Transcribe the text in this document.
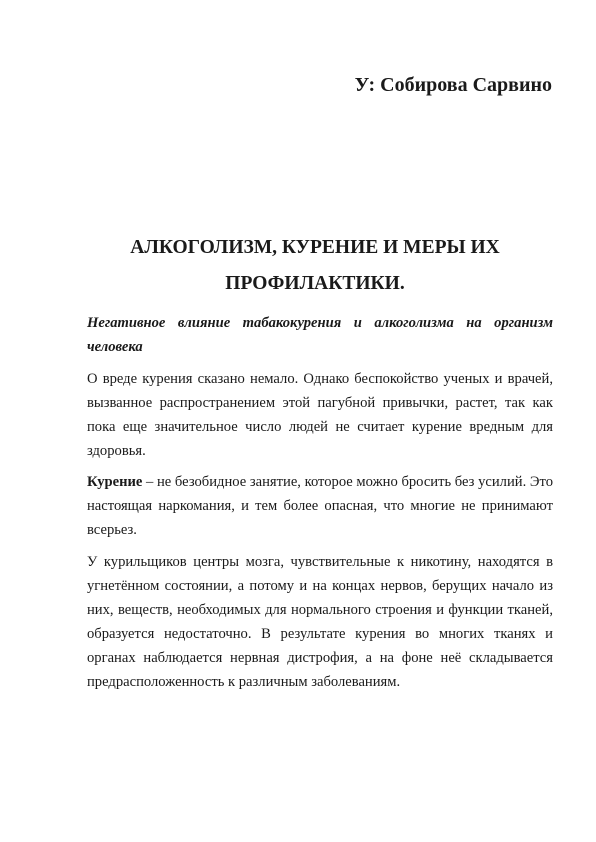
У: Собирова Сарвино
АЛКОГОЛИЗМ, КУРЕНИЕ И МЕРЫ ИХ ПРОФИЛАКТИКИ.

Негативное влияние табакокурения и алкоголизма на организм человека

О вреде курения сказано немало. Однако беспокойство ученых и врачей, вызванное распространением этой пагубной привычки, растет, так как пока еще значительное число людей не считает курение вредным для здоровья.

Курение – не безобидное занятие, которое можно бросить без усилий. Это настоящая наркомания, и тем более опасная, что многие не принимают всерьез.

У курильщиков центры мозга, чувствительные к никотину, находятся в угнетённом состоянии, а потому и на концах нервов, берущих начало из них, веществ, необходимых для нормального строения и функции тканей, образуется недостаточно. В результате курения во многих тканях и органах наблюдается нервная дистрофия, а на фоне неё складывается предрасположенность к различным заболеваниям.
